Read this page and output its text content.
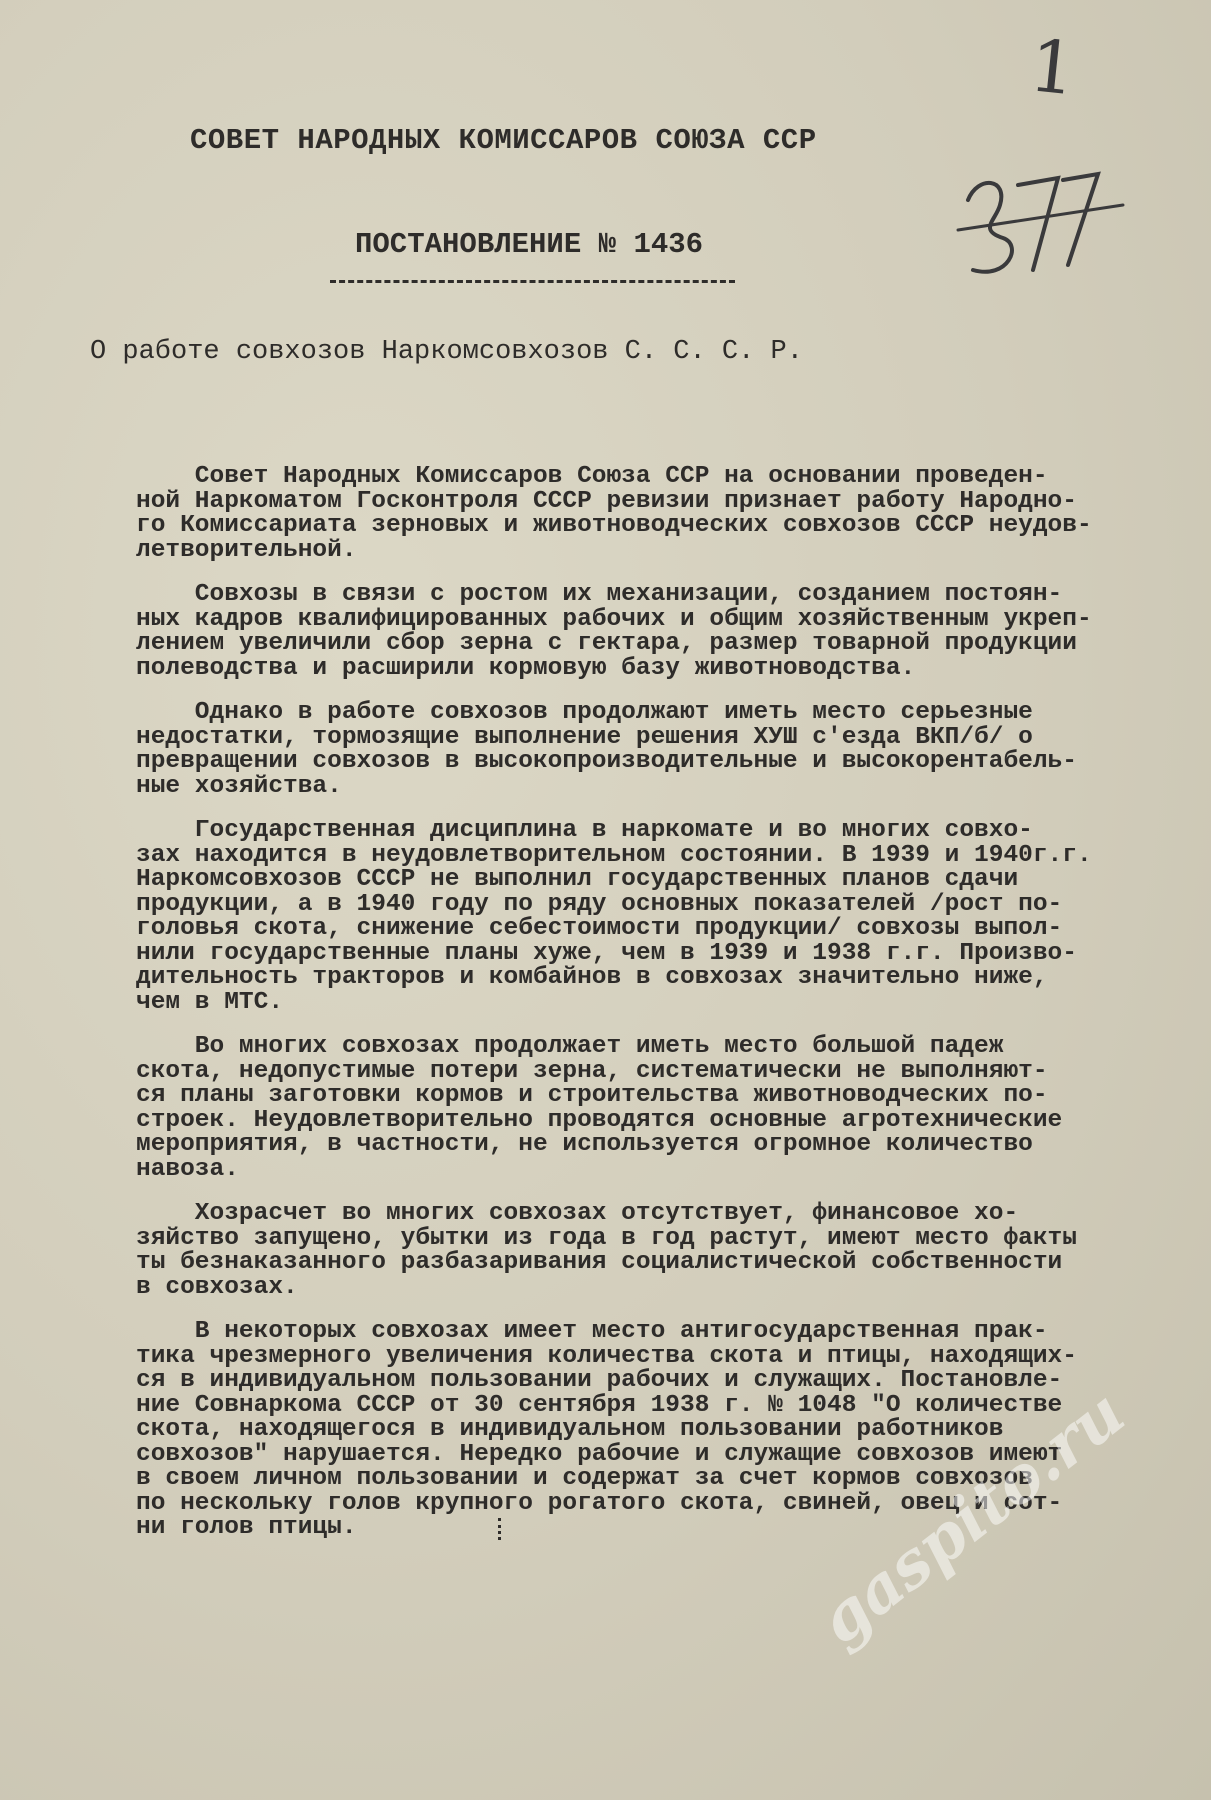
1
СОВЕТ НАРОДНЫХ КОМИССАРОВ СОЮЗА ССР
ПОСТАНОВЛЕНИЕ № 1436
О работе совхозов Наркомсовхозов С. С. С. Р.
Совет Народных Комиссаров Союза ССР на основании проведен-
ной Наркоматом Госконтроля СССР ревизии признает работу Народно-
го Комиссариата зерновых и животноводческих совхозов СССР неудов-
летворительной.
Совхозы в связи с ростом их механизации, созданием постоян-
ных кадров квалифицированных рабочих и общим хозяйственным укреп-
лением увеличили сбор зерна с гектара, размер товарной продукции
полеводства и расширили кормовую базу животноводства.
Однако в работе совхозов продолжают иметь место серьезные
недостатки, тормозящие выполнение решения ХУШ с'езда ВКП/б/ о
превращении совхозов в высокопроизводительные и высокорентабель-
ные хозяйства.
Государственная дисциплина в наркомате и во многих совхо-
зах находится в неудовлетворительном состоянии. В 1939 и 1940г.г.
Наркомсовхозов СССР не выполнил государственных планов сдачи
продукции, а в 1940 году по ряду основных показателей /рост по-
головья скота, снижение себестоимости продукции/ совхозы выпол-
нили государственные планы хуже, чем в 1939 и 1938 г.г. Произво-
дительность тракторов и комбайнов в совхозах значительно ниже,
чем в МТС.
Во многих совхозах продолжает иметь место большой падеж
скота, недопустимые потери зерна, систематически не выполняют-
ся планы заготовки кормов и строительства животноводческих по-
строек. Неудовлетворительно проводятся основные агротехнические
мероприятия, в частности, не используется огромное количество
навоза.
Хозрасчет во многих совхозах отсутствует, финансовое хо-
зяйство запущено, убытки из года в год растут, имеют место факты
ты безнаказанного разбазаривания социалистической собственности
в совхозах.
В некоторых совхозах имеет место антигосударственная прак-
тика чрезмерного увеличения количества скота и птицы, находящих-
ся в индивидуальном пользовании рабочих и служащих. Постановле-
ние Совнаркома СССР от 30 сентября 1938 г. № 1048 "О количестве
скота, находящегося в индивидуальном пользовании работников
совхозов" нарушается. Нередко рабочие и служащие совхозов имеют
в своем личном пользовании и содержат за счет кормов совхозов
по нескольку голов крупного рогатого скота, свиней, овец и сот-
ни голов птицы.	gaspito.ru
